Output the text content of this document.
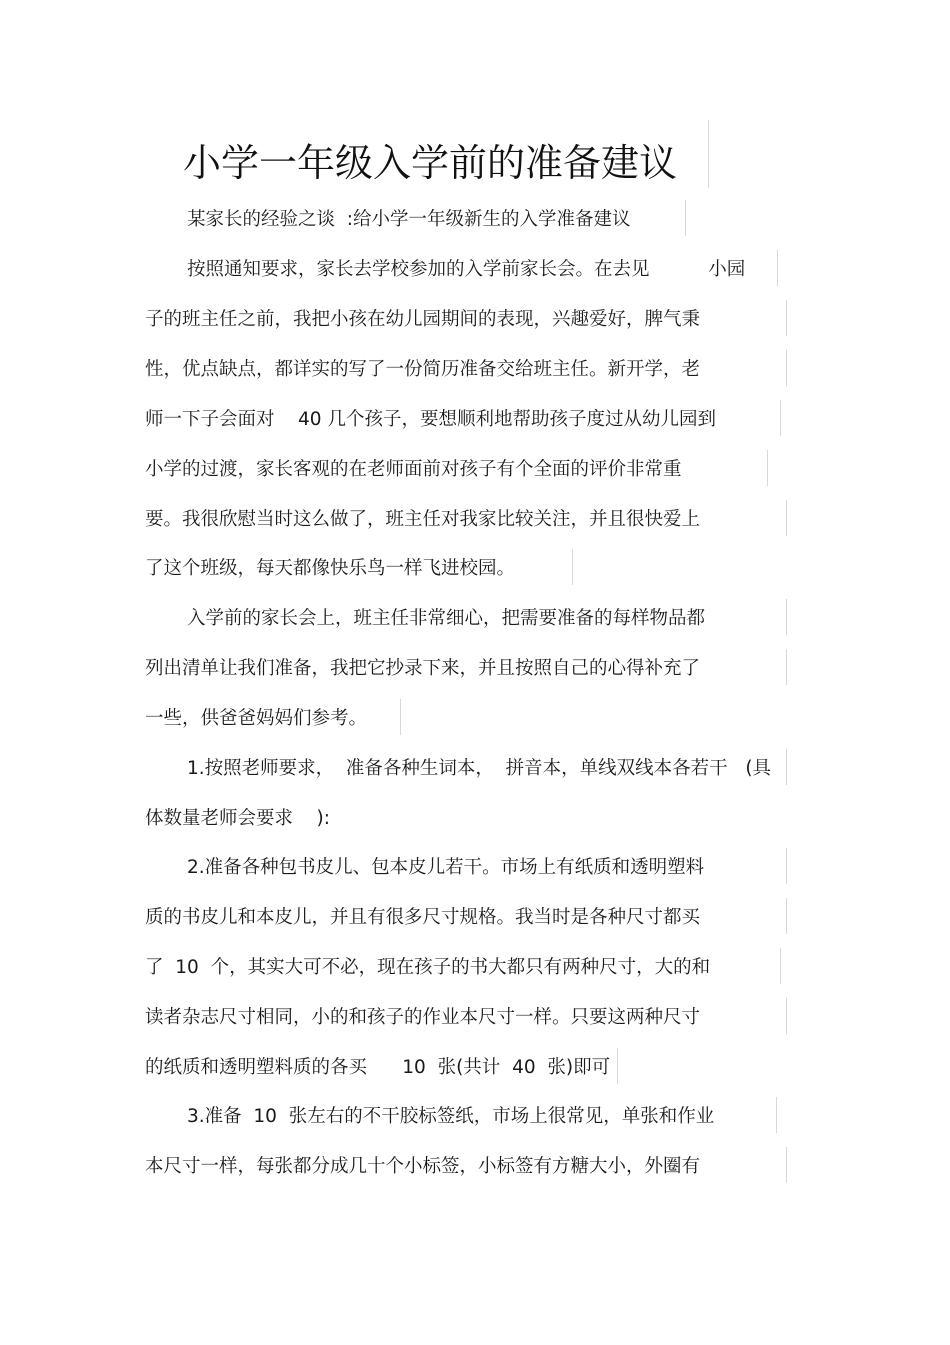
小学一年级入学前的准备建议
某家长的经验之谈  :给小学一年级新生的入学准备建议
按照通知要求，家长去学校参加的入学前家长会。在去见          小园
子的班主任之前，我把小孩在幼儿园期间的表现，兴趣爱好，脾气秉
性，优点缺点，都详实的写了一份简历准备交给班主任。新开学，老
师一下子会面对    40 几个孩子，要想顺利地帮助孩子度过从幼儿园到
小学的过渡，家长客观的在老师面前对孩子有个全面的评价非常重
要。我很欣慰当时这么做了，班主任对我家比较关注，并且很快爱上
了这个班级，每天都像快乐鸟一样飞进校园。
入学前的家长会上，班主任非常细心，把需要准备的每样物品都
列出清单让我们准备，我把它抄录下来，并且按照自己的心得补充了
一些，供爸爸妈妈们参考。
1.按照老师要求，  准备各种生词本，  拼音本，单线双线本各若干   (具
体数量老师会要求    ):
2.准备各种包书皮儿、包本皮儿若干。市场上有纸质和透明塑料
质的书皮儿和本皮儿，并且有很多尺寸规格。我当时是各种尺寸都买
了  10  个，其实大可不必，现在孩子的书大都只有两种尺寸，大的和
读者杂志尺寸相同，小的和孩子的作业本尺寸一样。只要这两种尺寸
的纸质和透明塑料质的各买      10  张(共计  40  张)即可
3.准备  10  张左右的不干胶标签纸，市场上很常见，单张和作业
本尺寸一样，每张都分成几十个小标签，小标签有方糖大小，外圈有
